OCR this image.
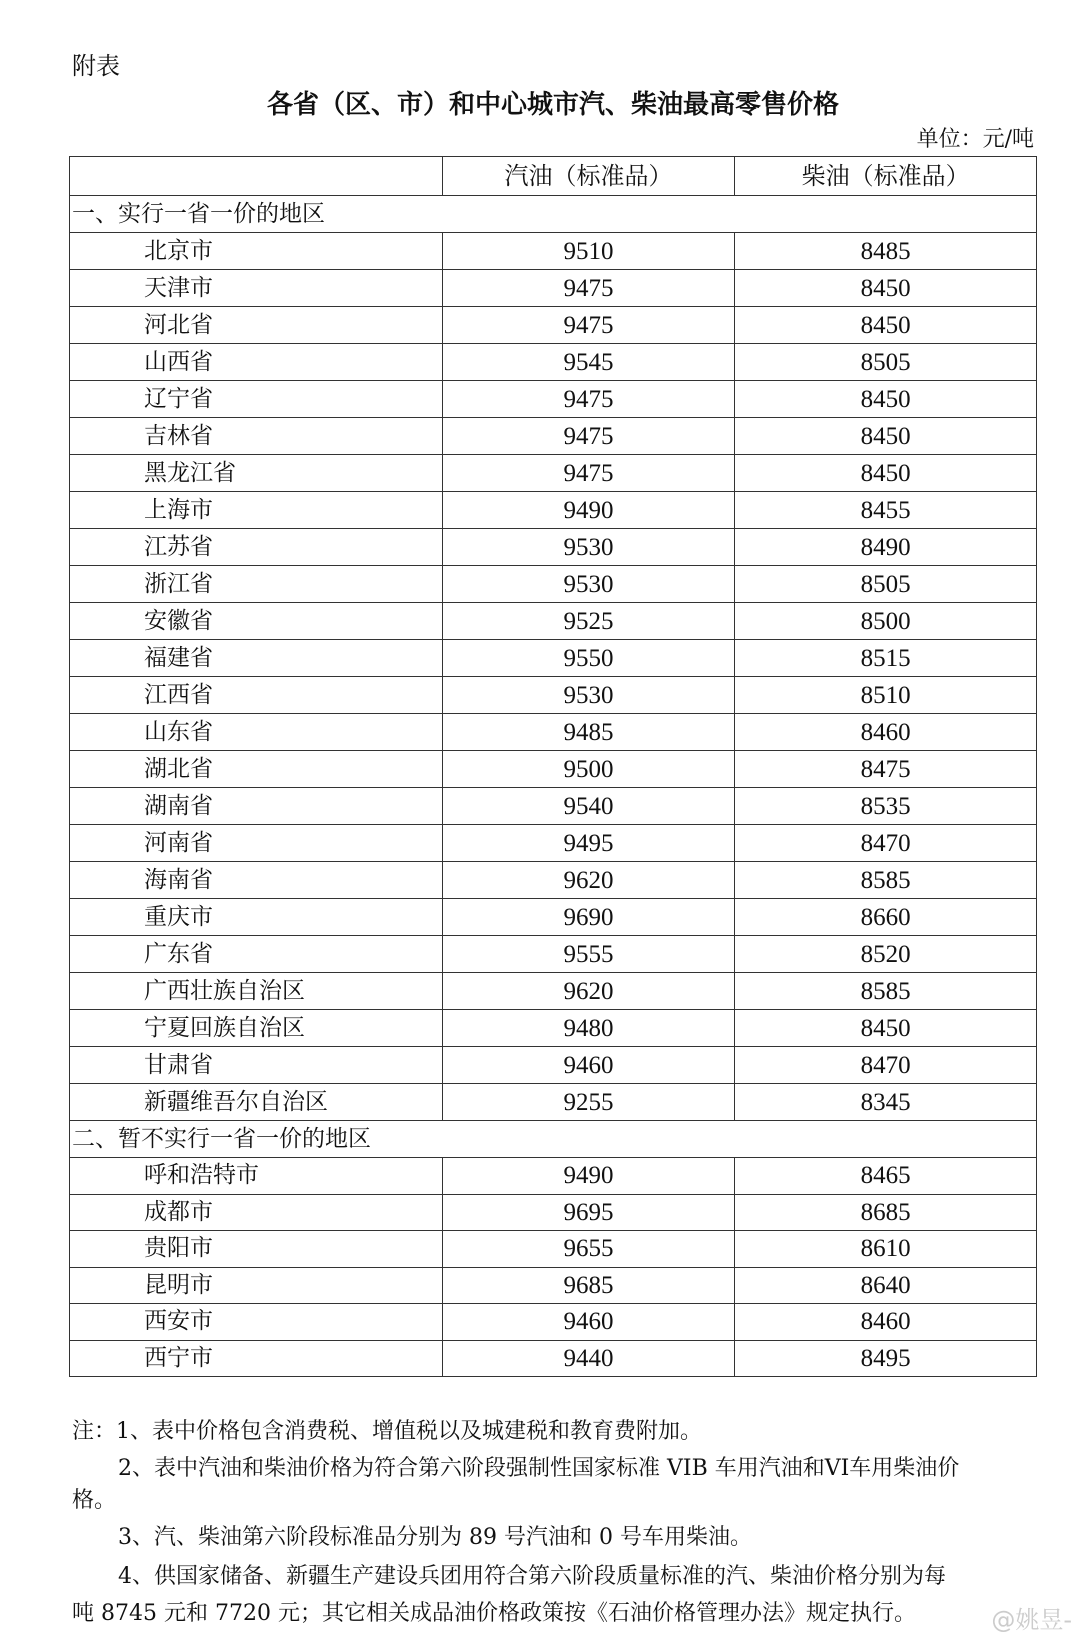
附表
各省（区、市）和中心城市汽、柴油最高零售价格
单位：元/吨
	汽油（标准品）	柴油（标准品）
一、实行一省一价的地区		
北京市	9510	8485
天津市	9475	8450
河北省	9475	8450
山西省	9545	8505
辽宁省	9475	8450
吉林省	9475	8450
黑龙江省	9475	8450
上海市	9490	8455
江苏省	9530	8490
浙江省	9530	8505
安徽省	9525	8500
福建省	9550	8515
江西省	9530	8510
山东省	9485	8460
湖北省	9500	8475
湖南省	9540	8535
河南省	9495	8470
海南省	9620	8585
重庆市	9690	8660
广东省	9555	8520
广西壮族自治区	9620	8585
宁夏回族自治区	9480	8450
甘肃省	9460	8470
新疆维吾尔自治区	9255	8345
二、暂不实行一省一价的地区		
呼和浩特市	9490	8465
成都市	9695	8685
贵阳市	9655	8610
昆明市	9685	8640
西安市	9460	8460
西宁市	9440	8495
注：1、表中价格包含消费税、增值税以及城建税和教育费附加。
2、表中汽油和柴油价格为符合第六阶段强制性国家标准 VIB 车用汽油和VI车用柴油价
格。
3、汽、柴油第六阶段标准品分别为 89 号汽油和 0 号车用柴油。
4、供国家储备、新疆生产建设兵团用符合第六阶段质量标准的汽、柴油价格分别为每
吨 8745 元和 7720 元；其它相关成品油价格政策按《石油价格管理办法》规定执行。	@姚昱-
